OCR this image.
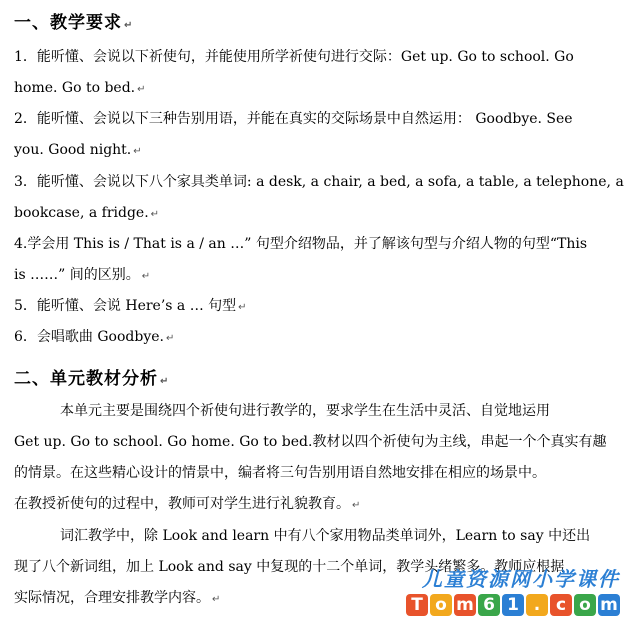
一、教学要求 ↵
1．能听懂、会说以下祈使句，并能使用所学祈使句进行交际：Get up. Go to school. Go
home. Go to bed. ↵
2．能听懂、会说以下三种告别用语，并能在真实的交际场景中自然运用： Goodbye. See
you. Good night. ↵
3．能听懂、会说以下八个家具类单词: a desk, a chair, a bed, a sofa, a table, a telephone, a
bookcase, a fridge. ↵
4.学会用 This is / That is a / an …” 句型介绍物品，并了解该句型与介绍人物的句型“This
is ……” 间的区别。 ↵
5．能听懂、会说 Here’s a … 句型 ↵
6．会唱歌曲 Goodbye. ↵
二、单元教材分析 ↵
本单元主要是围绕四个祈使句进行教学的，要求学生在生活中灵活、自觉地运用
Get up. Go to school. Go home. Go to bed.教材以四个祈使句为主线，串起一个个真实有趣
的情景。在这些精心设计的情景中，编者将三句告别用语自然地安排在相应的场景中。
在教授祈使句的过程中，教师可对学生进行礼貌教育。 ↵
词汇教学中，除 Look and learn 中有八个家用物品类单词外，Learn to say 中还出
现了八个新词组，加上 Look and say 中复现的十二个单词，教学头绪繁多。教师应根据
实际情况，合理安排教学内容。 ↵
儿童资源网小学课件
T o m 6 1 . c o m
